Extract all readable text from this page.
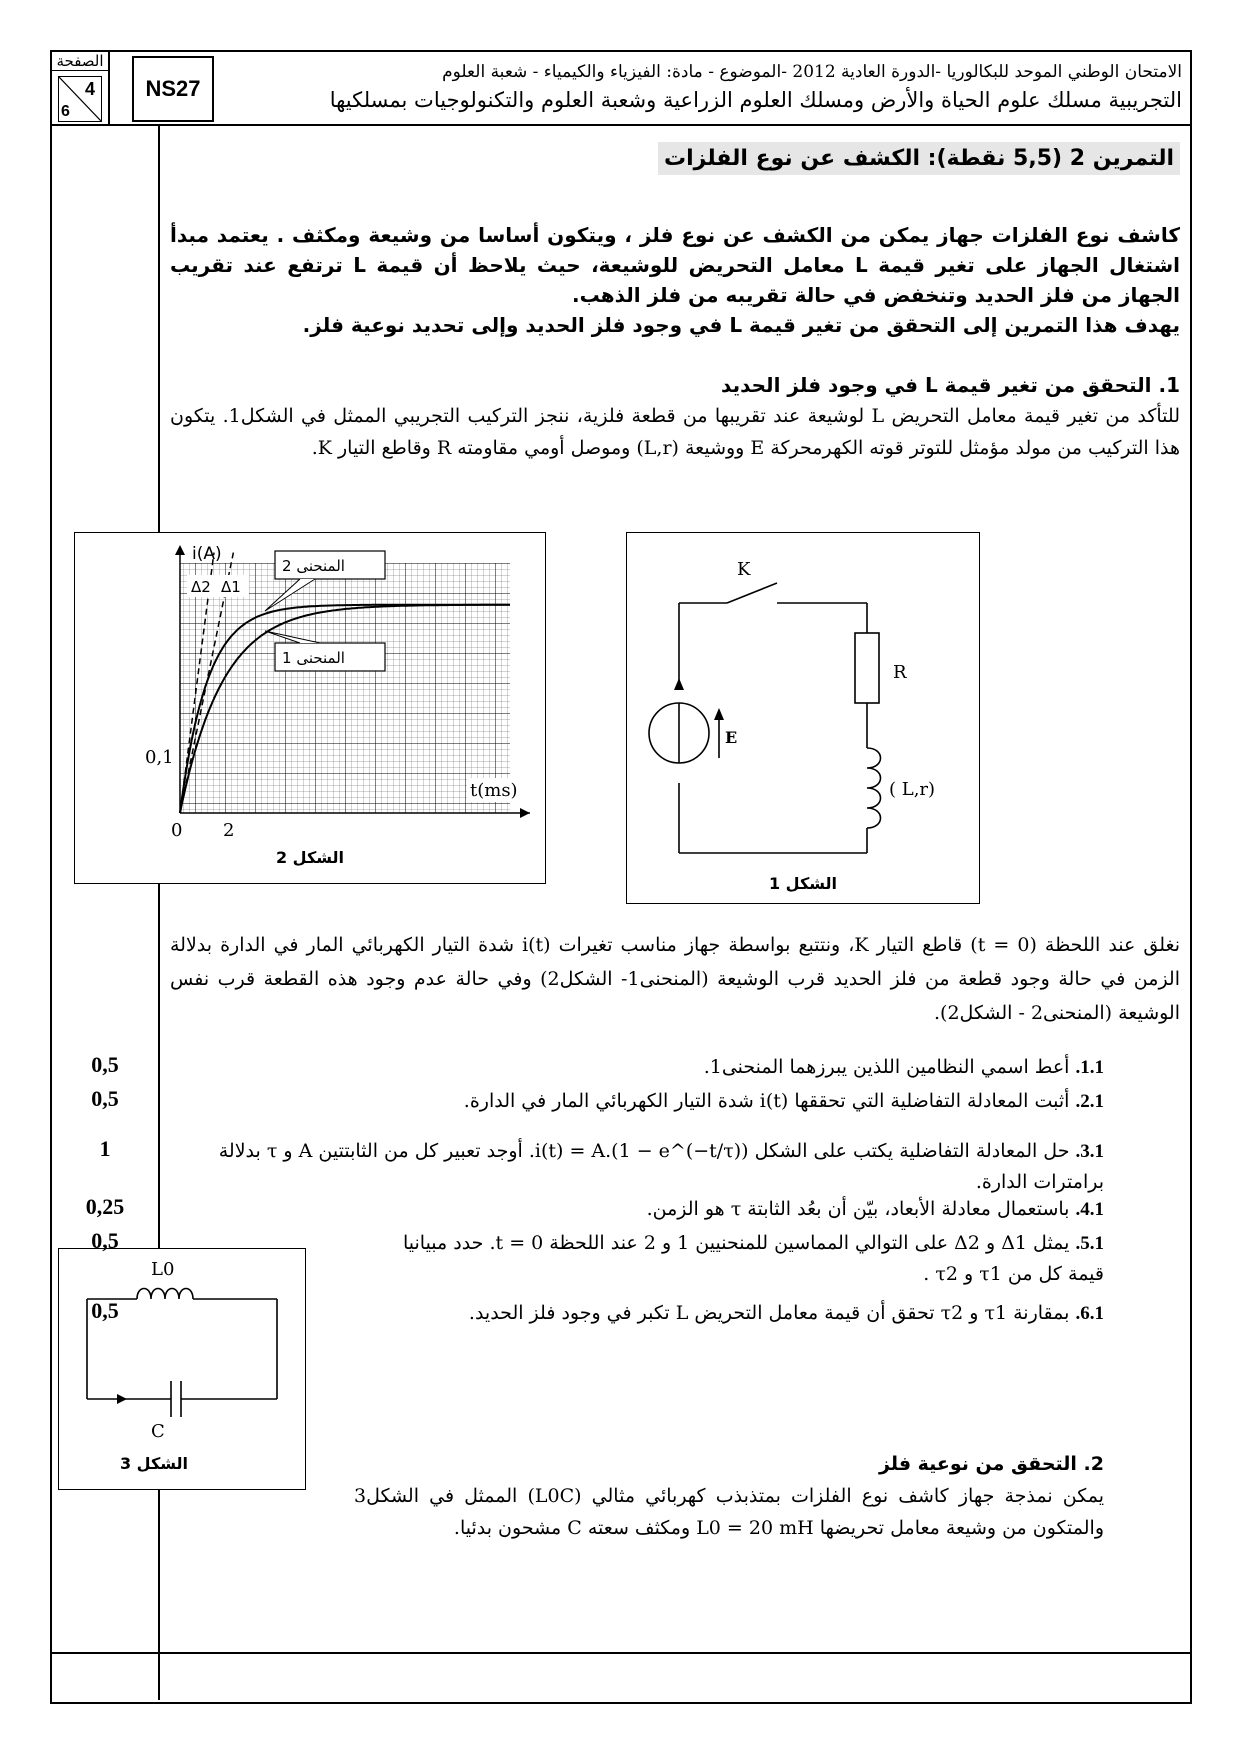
الصفحة
4
6
NS27
الامتحان الوطني الموحد للبكالوريا -الدورة العادية 2012 -الموضوع - مادة: الفيزياء والكيمياء - شعبة العلوم
التجريبية مسلك علوم الحياة والأرض ومسلك العلوم الزراعية وشعبة العلوم والتكنولوجيات بمسلكيها
التمرين 2 (5,5 نقطة): الكشف عن نوع الفلزات
كاشف نوع الفلزات جهاز يمكن من الكشف عن نوع فلز ، ويتكون أساسا من وشيعة ومكثف . يعتمد مبدأ اشتغال الجهاز على تغير قيمة L معامل التحريض للوشيعة، حيث يلاحظ أن قيمة L ترتفع عند تقريب الجهاز من فلز الحديد وتنخفض في حالة تقريبه من فلز الذهب.
يهدف هذا التمرين إلى التحقق من تغير قيمة L في وجود فلز الحديد وإلى تحديد نوعية فلز.
1. التحقق من تغير قيمة L في وجود فلز الحديد
للتأكد من تغير قيمة معامل التحريض L لوشيعة عند تقريبها من قطعة فلزية، ننجز التركيب التجريبي الممثل في الشكل1. يتكون هذا التركيب من مولد مؤمثل للتوتر قوته الكهرمحركة E ووشيعة (L,r) وموصل أومي مقاومته R وقاطع التيار K.
i(A)
t(ms)
0,1
0 2
Δ2 Δ1
المنحنى 2
المنحنى 1
الشكل 2
K
R
E
( L,r)
الشكل 1
نغلق عند اللحظة (t = 0) قاطع التيار K، ونتتبع بواسطة جهاز مناسب تغيرات i(t) شدة التيار الكهربائي المار في الدارة بدلالة الزمن في حالة وجود قطعة من فلز الحديد قرب الوشيعة (المنحنى1- الشكل2) وفي حالة عدم وجود هذه القطعة قرب نفس الوشيعة (المنحنى2 - الشكل2).
L0
C
الشكل 3	2. التحقق من نوعية فلز
يمكن نمذجة جهاز كاشف نوع الفلزات بمتذبذب كهربائي مثالي (L0C) الممثل في الشكل3 والمتكون من وشيعة معامل تحريضها L0 = 20 mH ومكثف سعته C مشحون بدئيا.
1.1. أعط اسمي النظامين اللذين يبرزهما المنحنى1.
0,5
2.1. أثبت المعادلة التفاضلية التي تحققها i(t) شدة التيار الكهربائي المار في الدارة.
0,5
3.1. حل المعادلة التفاضلية يكتب على الشكل i(t) = A.(1 − e^(−t/τ)). أوجد تعبير كل من الثابتتين A و τ بدلالة برامترات الدارة.
1
4.1. باستعمال معادلة الأبعاد، بيّن أن بعُد الثابتة τ هو الزمن.
0,25
5.1. يمثل Δ1 و Δ2 على التوالي المماسين للمنحنيين 1 و 2 عند اللحظة t = 0. حدد مبيانيا قيمة كل من τ1 و τ2 .
0,5
6.1. بمقارنة τ1 و τ2 تحقق أن قيمة معامل التحريض L تكبر في وجود فلز الحديد.
0,5
